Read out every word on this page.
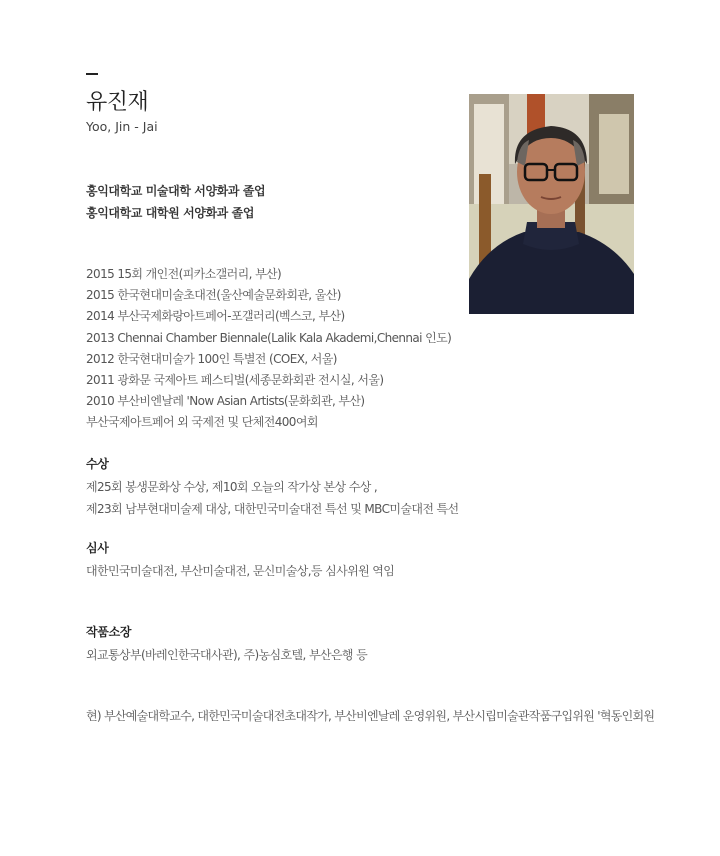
유진재
Yoo, Jin - Jai
홍익대학교 미술대학 서양화과 졸업
홍익대학교 대학원 서양화과 졸업
2015 15회 개인전(피카소갤러리, 부산)
2015 한국현대미술초대전(울산예술문화회관, 울산)
2014 부산국제화랑아트페어-포갤러리(벡스코, 부산)
2013 Chennai Chamber Biennale(Lalik Kala Akademi,Chennai 인도)
2012 한국현대미술가 100인 특별전 (COEX, 서울)
2011 광화문 국제아트 페스티벌(세종문화회관 전시실, 서울)
2010 부산비엔날레 'Now Asian Artists(문화회관, 부산)
부산국제아트페어 외 국제전 및 단체전400여회
수상
제25회 봉생문화상 수상, 제10회 오늘의 작가상 본상 수상 ,
제23회 남부현대미술제 대상, 대한민국미술대전 특선 및 MBC미술대전 특선
심사
대한민국미술대전, 부산미술대전, 문신미술상,등 심사위원 역임
작품소장
외교통상부(바레인한국대사관), 주)농심호텔, 부산은행 등
현) 부산예술대학교수, 대한민국미술대전초대작가, 부산비엔날레 운영위원, 부산시립미술관작품구입위원 '혁동인회원
